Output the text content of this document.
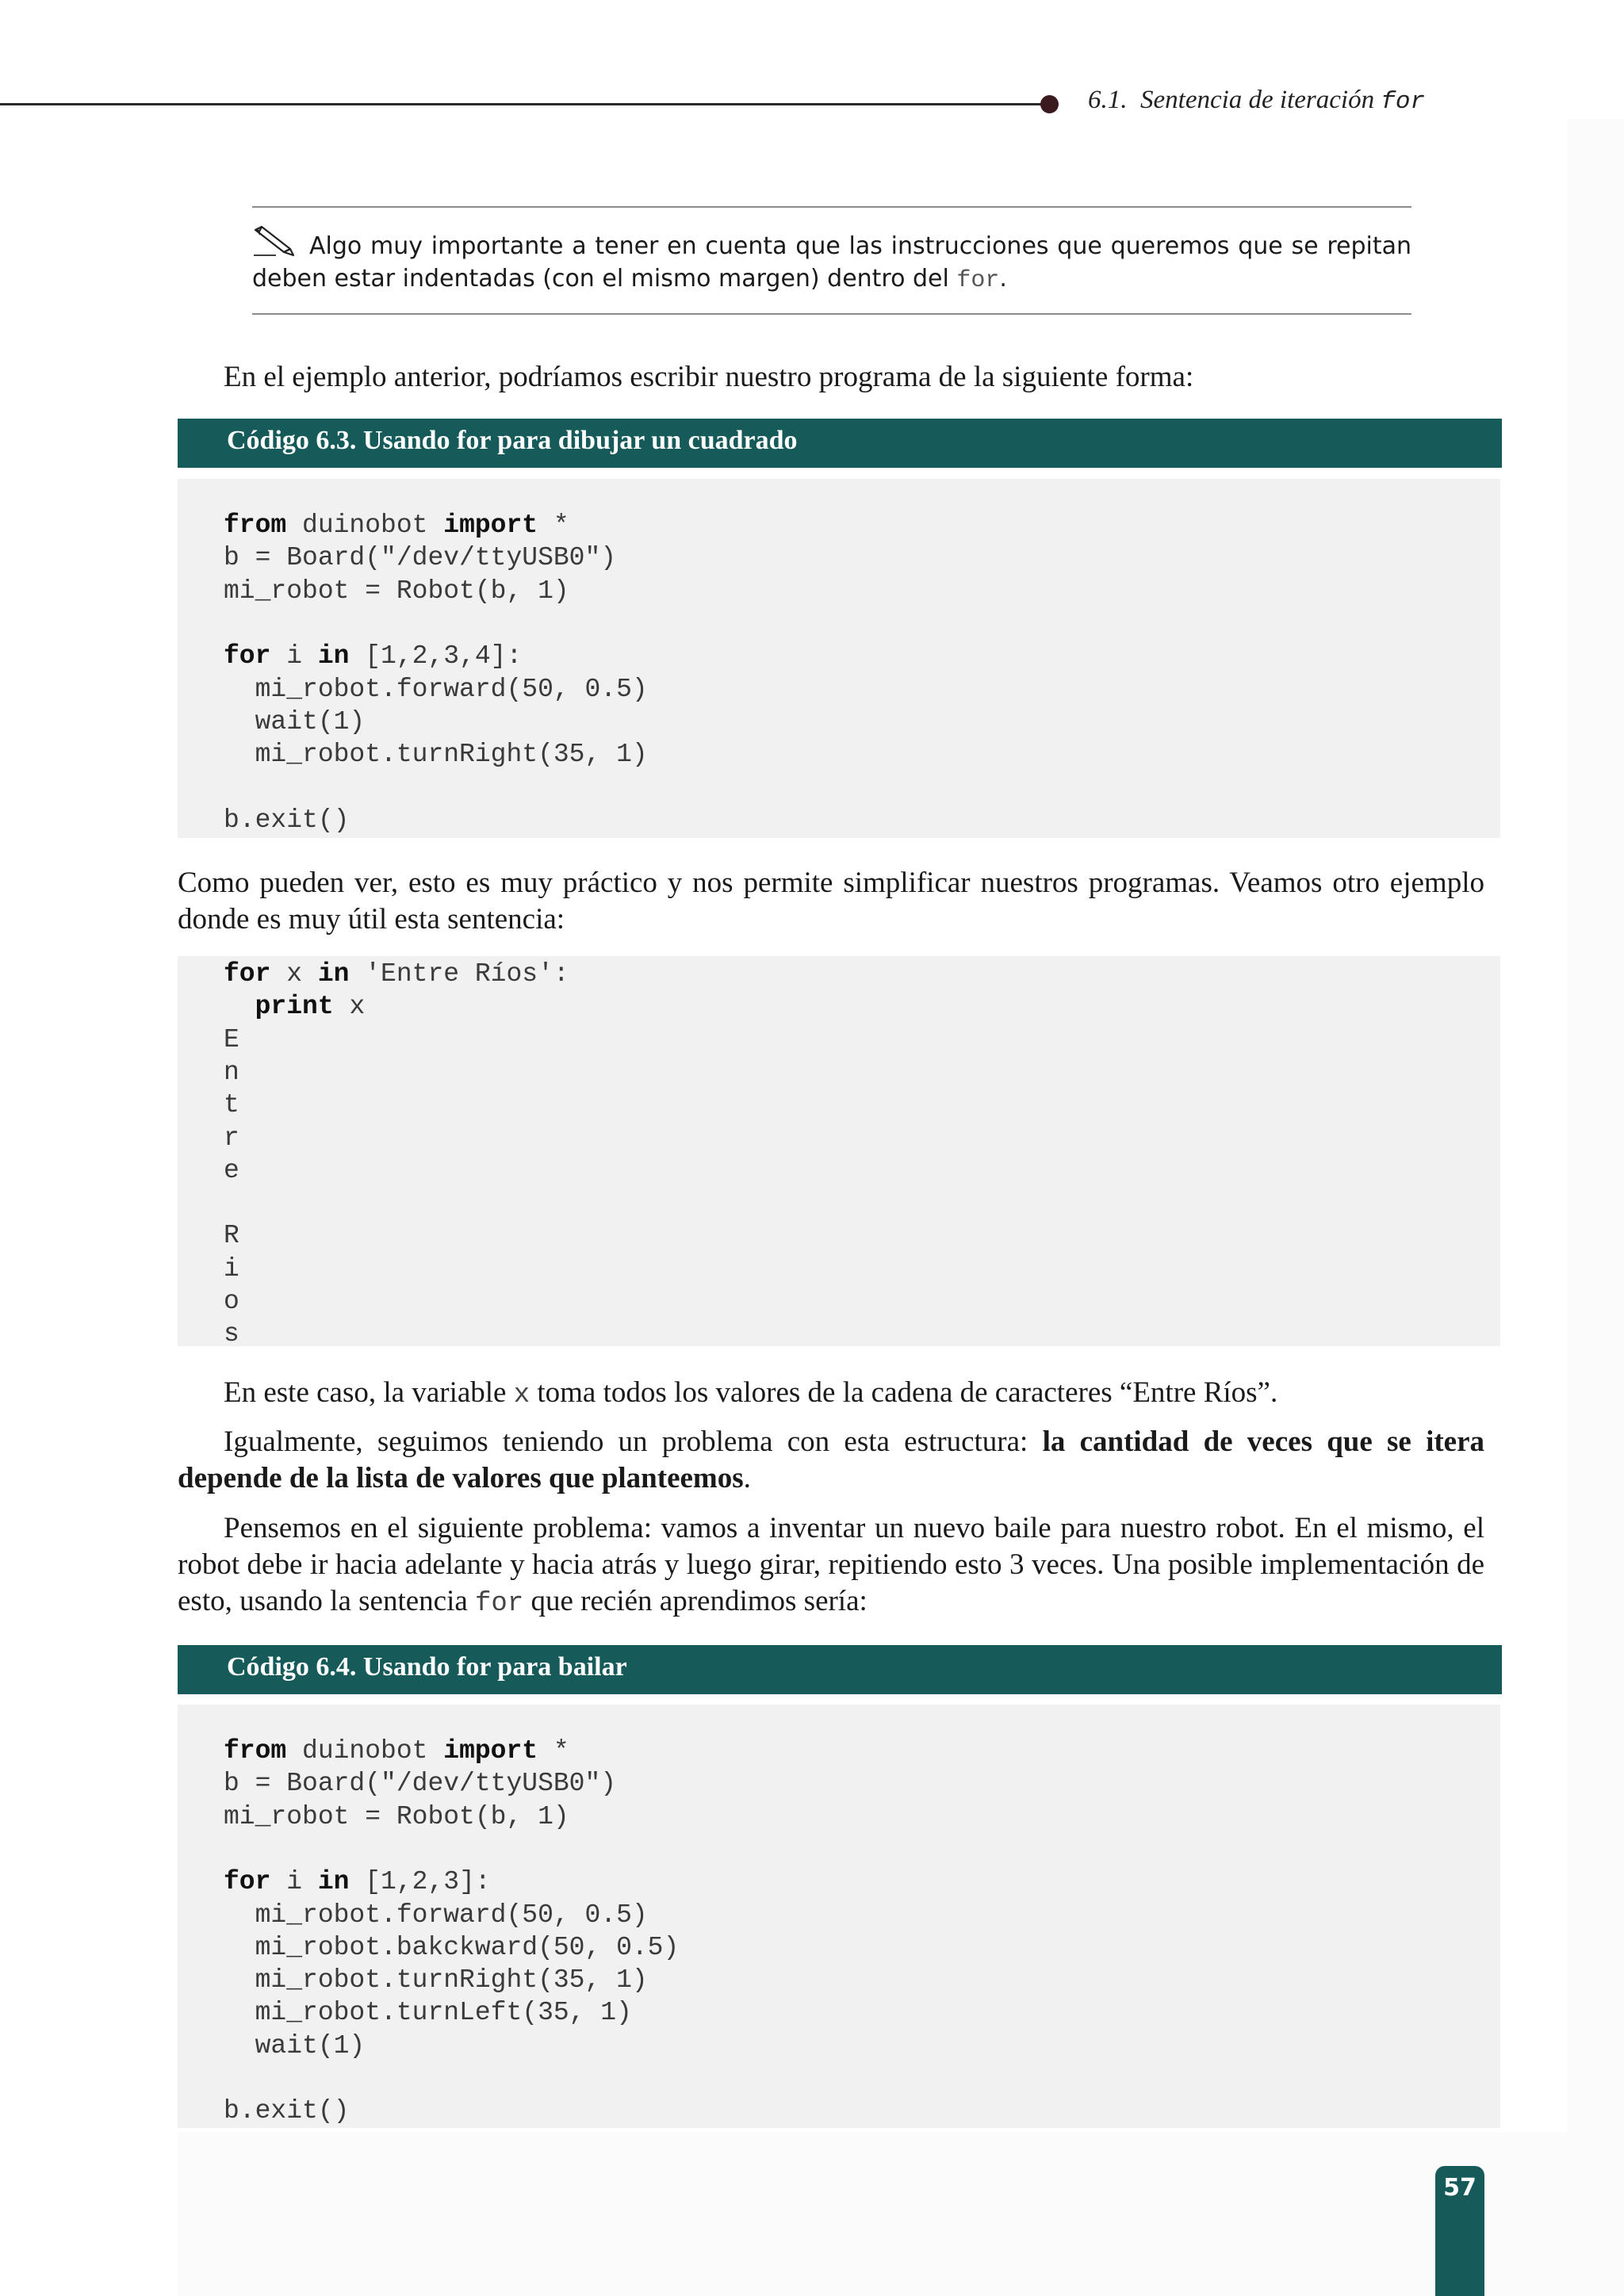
6.1. Sentencia de iteración for
Algo muy importante a tener en cuenta que las instrucciones que queremos que se repitan deben estar indentadas (con el mismo margen) dentro del for.
En el ejemplo anterior, podríamos escribir nuestro programa de la siguiente forma:
Código 6.3. Usando for para dibujar un cuadrado
from duinobot import *
b = Board("/dev/ttyUSB0")
mi_robot = Robot(b, 1)
for i in [1,2,3,4]:
mi_robot.forward(50, 0.5)
wait(1)
mi_robot.turnRight(35, 1)
b.exit()
Como pueden ver, esto es muy práctico y nos permite simplificar nuestros programas. Veamos otro ejemplo donde es muy útil esta sentencia:
for x in 'Entre Ríos':
print x
E
n
t
r
e
R
i
o
s
En este caso, la variable x toma todos los valores de la cadena de caracteres “Entre Ríos”.
Igualmente, seguimos teniendo un problema con esta estructura: la cantidad de veces que se itera depende de la lista de valores que planteemos.
Pensemos en el siguiente problema: vamos a inventar un nuevo baile para nuestro robot. En el mismo, el robot debe ir hacia adelante y hacia atrás y luego girar, repitiendo esto 3 veces. Una posible implementación de esto, usando la sentencia for que recién aprendimos sería:
Código 6.4. Usando for para bailar
from duinobot import *
b = Board("/dev/ttyUSB0")
mi_robot = Robot(b, 1)
for i in [1,2,3]:
mi_robot.forward(50, 0.5)
mi_robot.bakckward(50, 0.5)
mi_robot.turnRight(35, 1)
mi_robot.turnLeft(35, 1)
wait(1)
b.exit()
57
